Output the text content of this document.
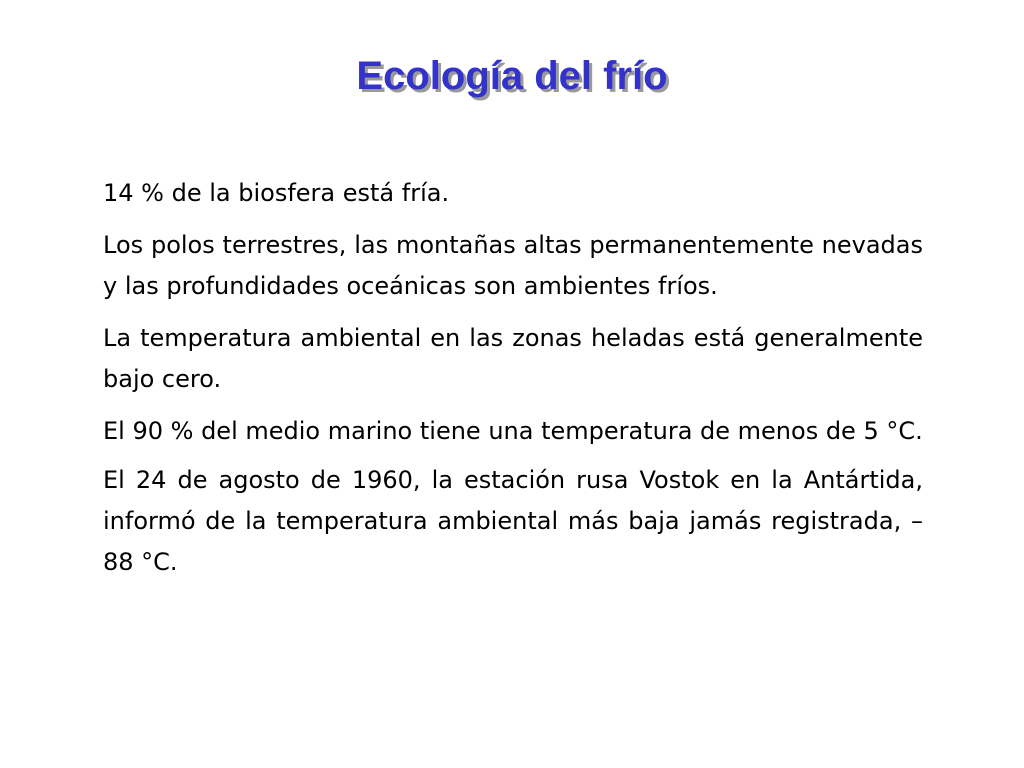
Ecología del frío

14 % de la biosfera está fría.

Los polos terrestres, las montañas altas permanentemente nevadas y las profundidades oceánicas son ambientes fríos.

La temperatura ambiental en las zonas heladas está generalmente bajo cero.

El 90 % del medio marino tiene una temperatura de menos de 5 °C.

El 24 de agosto de 1960, la estación rusa Vostok en la Antártida, informó de la temperatura ambiental más baja jamás registrada, –88 °C.
